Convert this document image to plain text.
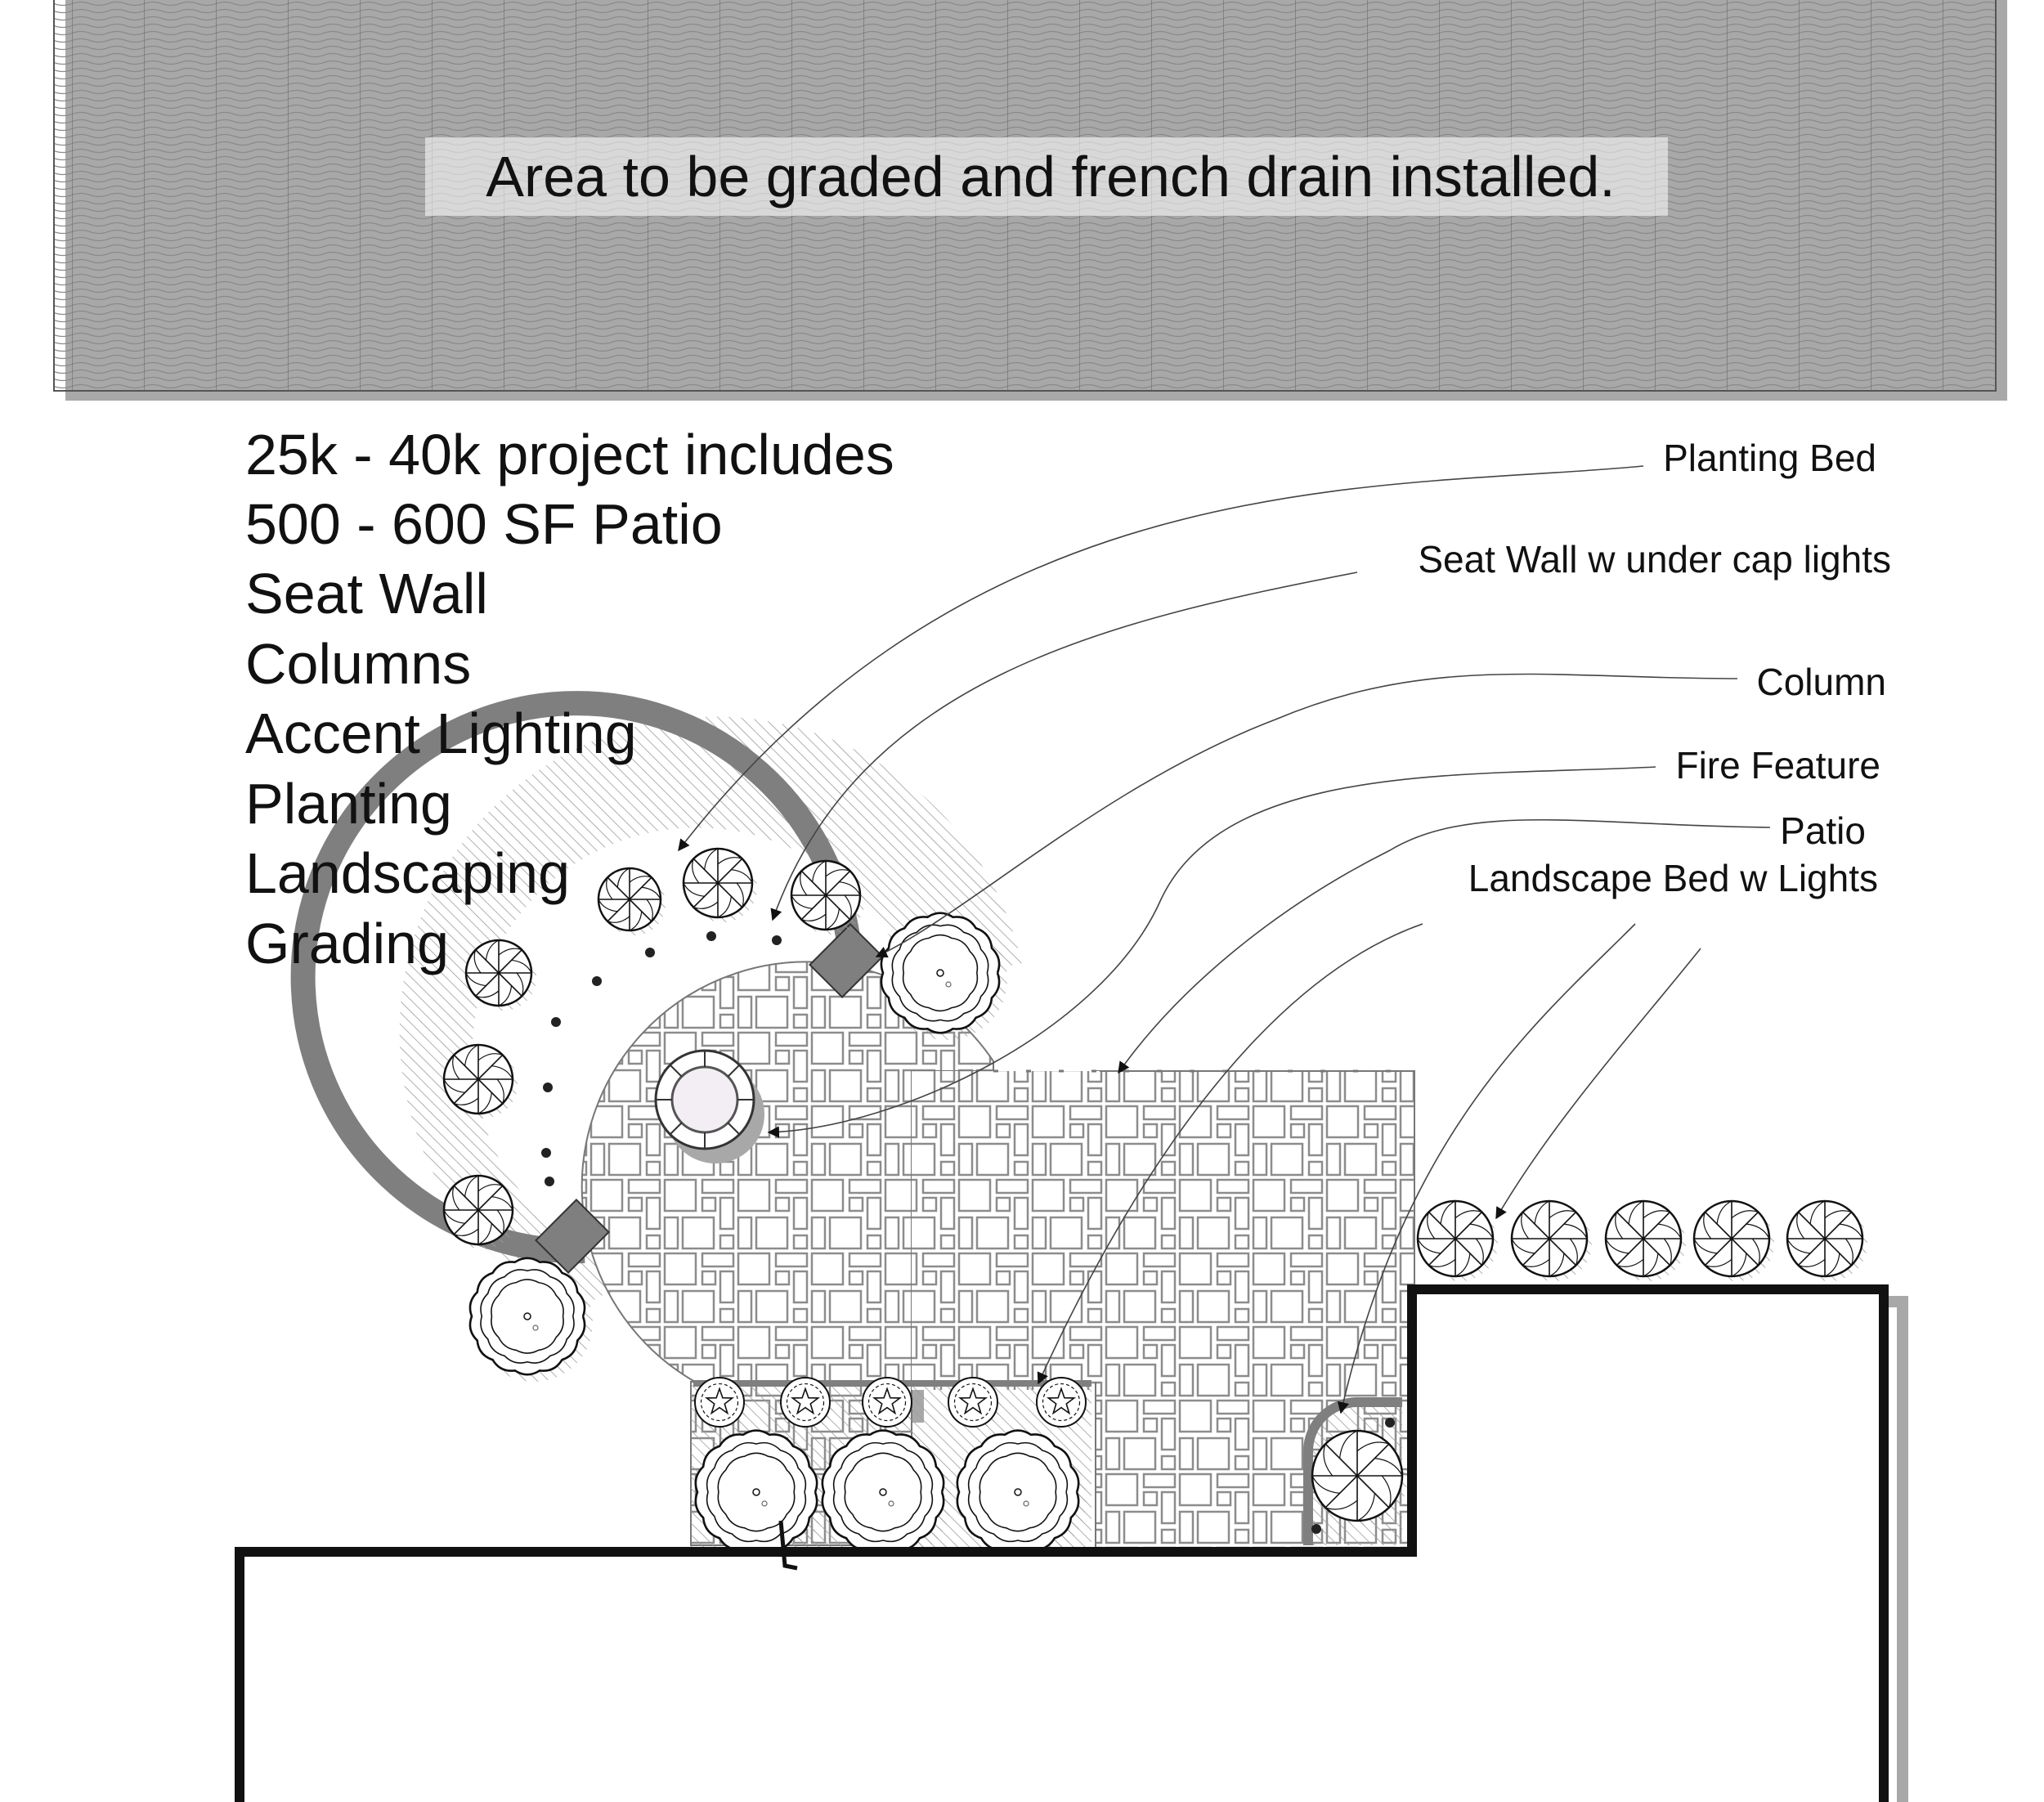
Area to be graded and french drain installed.
25k - 40k project includes
500 - 600 SF Patio
Seat Wall
Columns
Accent Lighting
Planting
Landscaping
Grading
Planting Bed
Seat Wall w under cap lights
Column
Fire Feature
Patio
Landscape Bed w Lights
